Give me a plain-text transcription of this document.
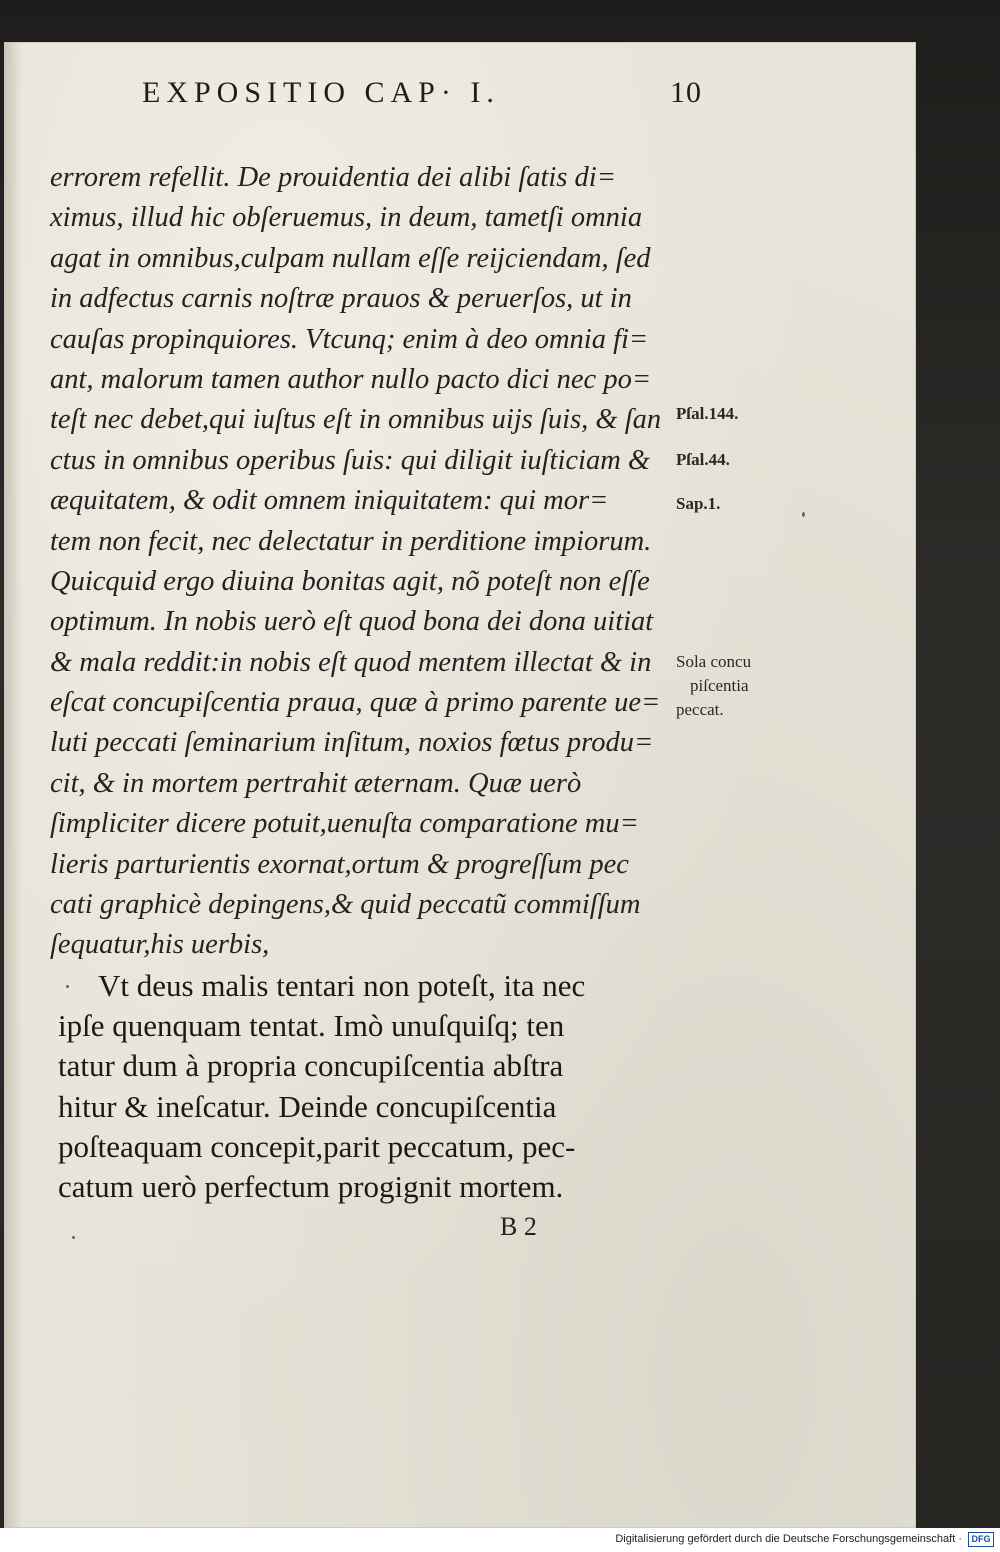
EXPOSITIO CAP· I.	10
errorem refellit. De prouidentia dei alibi ſatis di=
ximus, illud hic obſeruemus, in deum, tametſi omnia
agat in omnibus,culpam nullam eſſe reijciendam, ſed
in adfectus carnis noſtræ prauos & peruerſos, ut in
cauſas propinquiores. Vtcunq; enim à deo omnia fi=
ant, malorum tamen author nullo pacto dici nec po=
teſt nec debet,qui iuſtus eſt in omnibus uijs ſuis, & ſan
ctus in omnibus operibus ſuis: qui diligit iuſticiam &
æquitatem, & odit omnem iniquitatem: qui mor=
tem non fecit, nec delectatur in perditione impiorum.
Quicquid ergo diuina bonitas agit, nõ poteſt non eſſe
optimum. In nobis uerò eſt quod bona dei dona uitiat
& mala reddit:in nobis eſt quod mentem illectat & in
eſcat concupiſcentia praua, quæ à primo parente ue=
luti peccati ſeminarium inſitum, noxios fœtus produ=
cit, & in mortem pertrahit æternam. Quæ uerò
ſimpliciter dicere potuit,uenuſta comparatione mu=
lieris parturientis exornat,ortum & progreſſum pec
cati graphicè depingens,& quid peccatũ commiſſum
ſequatur,his uerbis,
Pſal.144.
Pſal.44.
Sap.1.
Sola concu
piſcentia
peccat.
Vt deus malis tentari non poteſt, ita nec
ipſe quenquam tentat. Imò unuſquiſq; ten
tatur dum à propria concupiſcentia abſtra
hitur & ineſcatur. Deinde concupiſcentia
poſteaquam concepit,parit peccatum, pec-
catum uerò perfectum progignit mortem.
B 2
Digitalisierung gefördert durch die Deutsche Forschungsgemeinschaft ·	DFG
